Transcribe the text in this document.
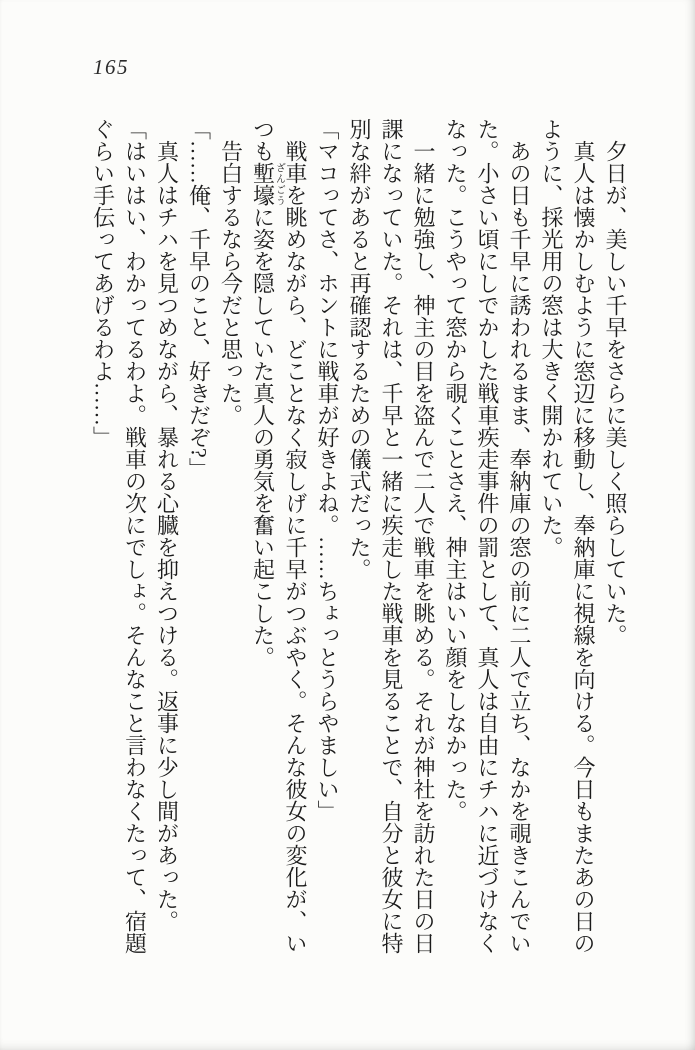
165

夕日が、美しい千早をさらに美しく照らしていた。

真人は懐かしむように窓辺に移動し、奉納庫に視線を向ける。今日もまたあの日のように、採光用の窓は大きく開かれていた。

あの日も千早に誘われるまま、奉納庫の窓の前に二人で立ち、なかを覗きこんでいた。小さい頃にしでかした戦車疾走事件の罰として、真人は自由にチハに近づけなくなった。こうやって窓から覗くことさえ、神主はいい顔をしなかった。

一緒に勉強し、神主の目を盗んで二人で戦車を眺める。それが神社を訪れた日の日課になっていた。それは、千早と一緒に疾走した戦車を見ることで、自分と彼女に特別な絆があると再確認するための儀式だった。

「マコってさ、ホントに戦車が好きよね。……ちょっとうらやましい」

戦車を眺めながら、どことなく寂しげに千早がつぶやく。そんな彼女の変化が、いつも塹壕ざんごうに姿を隠していた真人の勇気を奮い起こした。

告白するなら今だと思った。

「……俺、千早のこと、好きだぞ?」

真人はチハを見つめながら、暴れる心臓を抑えつける。返事に少し間があった。

「はいはい、わかってるわよ。戦車の次にでしょ。そんなこと言わなくたって、宿題ぐらい手伝ってあげるわよ……」
